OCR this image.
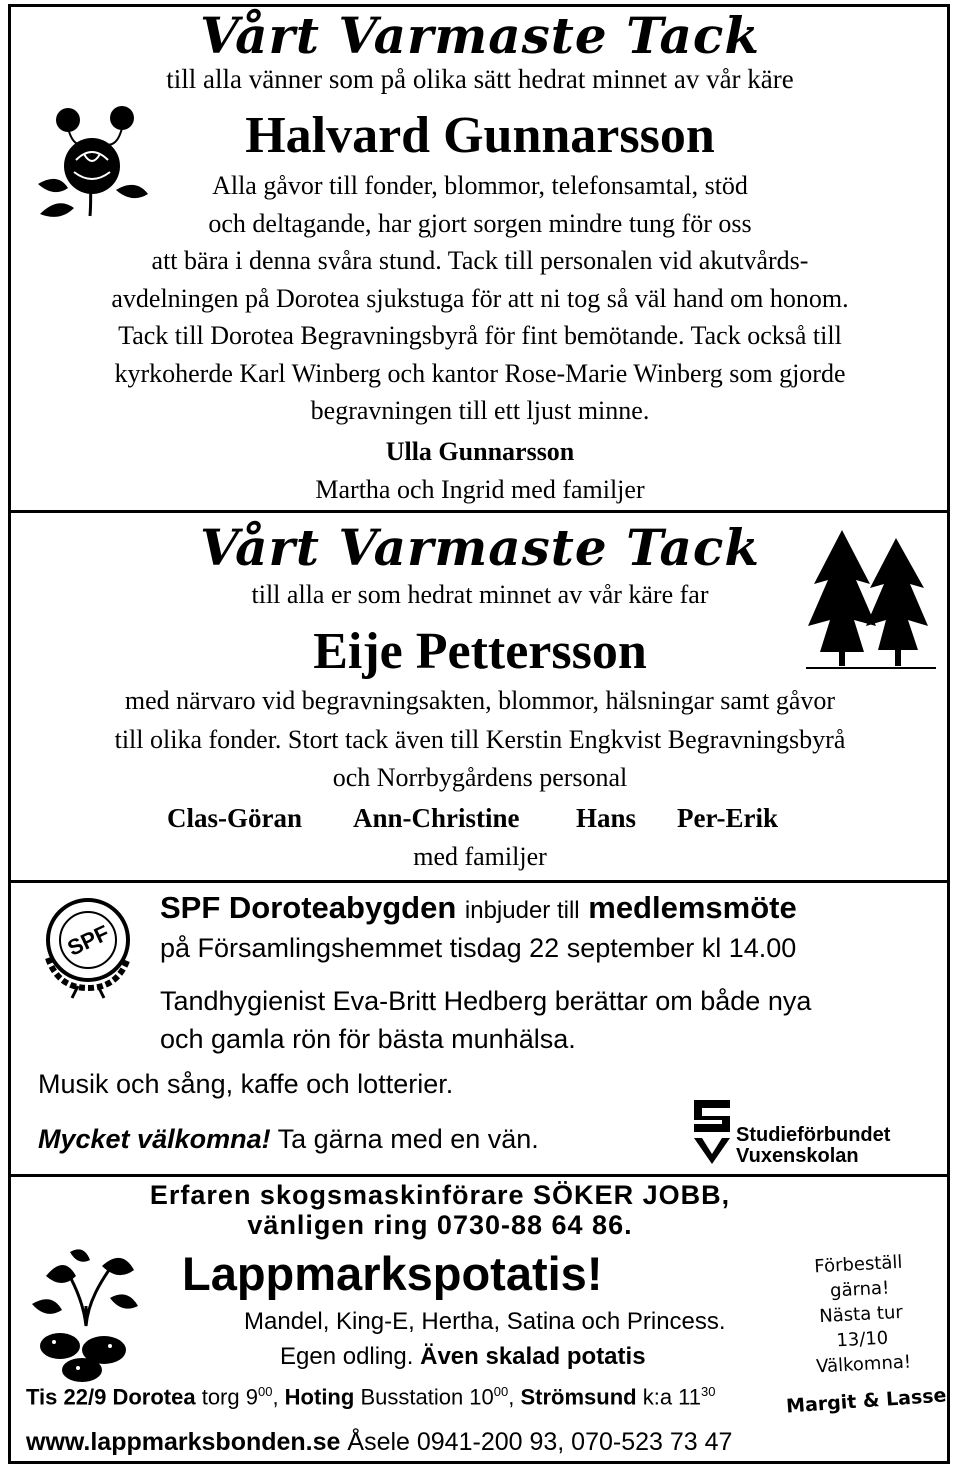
Vårt Varmaste Tack
till alla vänner som på olika sätt hedrat minnet av vår käre
Halvard Gunnarsson
Alla gåvor till fonder, blommor, telefonsamtal, stöd
och deltagande, har gjort sorgen mindre tung för oss
att bära i denna svåra stund. Tack till personalen vid akutvårds-
avdelningen på Dorotea sjukstuga för att ni tog så väl hand om honom.
Tack till Dorotea Begravningsbyrå för fint bemötande. Tack också till
kyrkoherde Karl Winberg och kantor Rose-Marie Winberg som gjorde
begravningen till ett ljust minne.
Ulla Gunnarsson
Martha och Ingrid med familjer
Vårt Varmaste Tack
till alla er som hedrat minnet av vår käre far
Eije Pettersson
med närvaro vid begravningsakten, blommor, hälsningar samt gåvor
till olika fonder. Stort tack även till Kerstin Engkvist Begravningsbyrå
och Norrbygårdens personal
Clas-Göran Ann-Christine Hans Per-Erik
med familjer
SPF
SPF Doroteabygden inbjuder till medlemsmöte
på Församlingshemmet tisdag 22 september kl 14.00
Tandhygienist Eva-Britt Hedberg berättar om både nya
och gamla rön för bästa munhälsa.
Musik och sång, kaffe och lotterier.
Mycket välkomna! Ta gärna med en vän.	Studieförbundet
Vuxenskolan
Erfaren skogsmaskinförare SÖKER JOBB,
vänligen ring 0730-88 64 86.
Lappmarkspotatis!
Mandel, King-E, Hertha, Satina och Princess.
Egen odling. Även skalad potatis
Tis 22/9 Dorotea torg $9^{00}$, Hoting Busstation $10^{00}$, Strömsund k:a $11^{30}$
www.lappmarksbonden.se Åsele 0941-200 93, 070-523 73 47
Förbeställ
gärna!
Nästa tur
13/10
Välkomna!
Margit & Lasse
